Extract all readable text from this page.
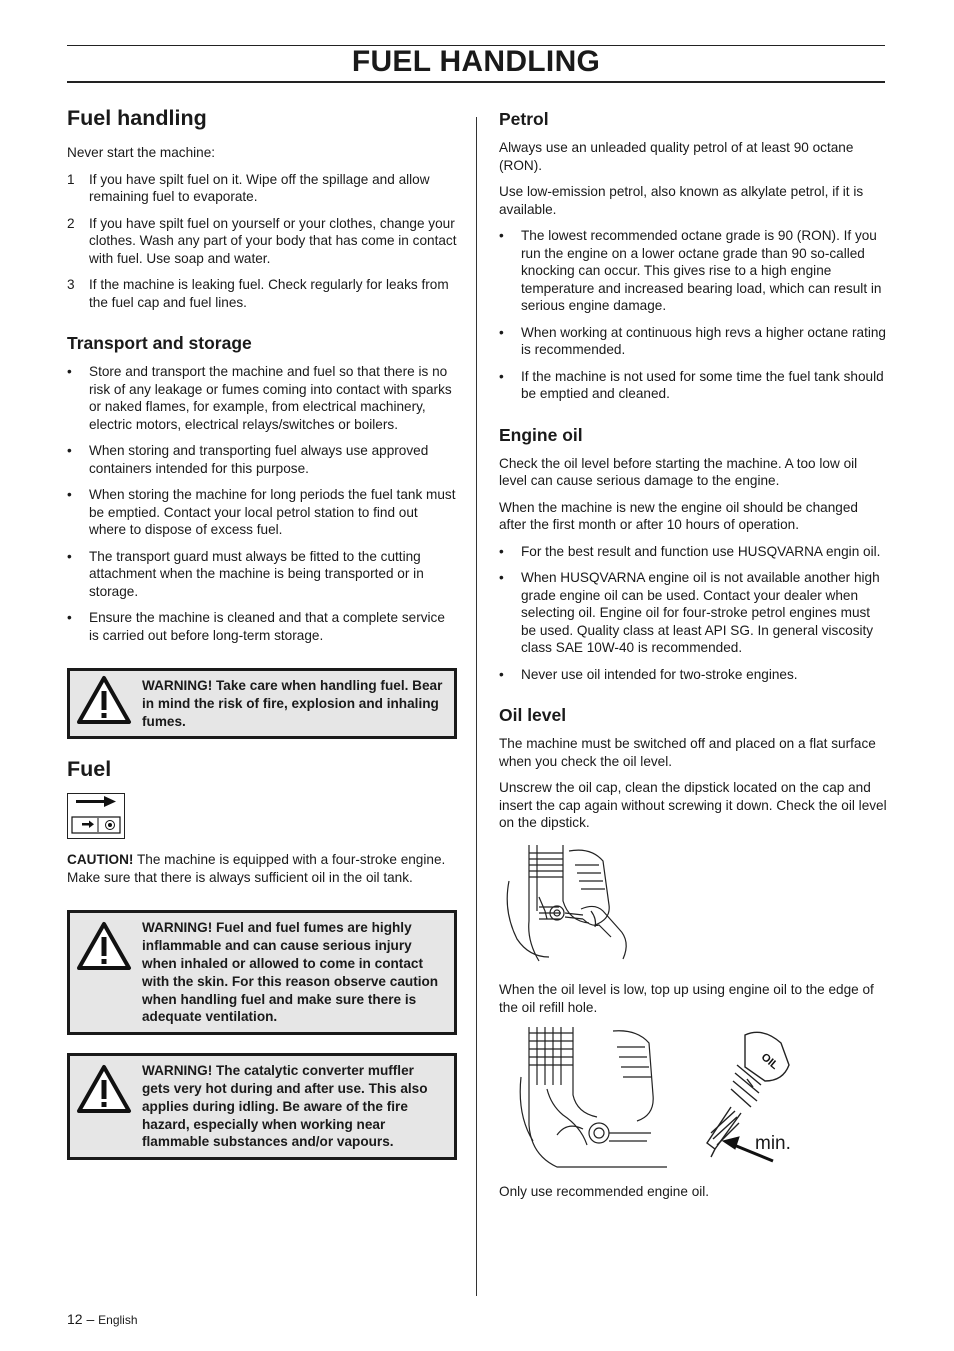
FUEL HANDLING
Fuel handling

Never start the machine:

1 If you have spilt fuel on it. Wipe off the spillage and allow remaining fuel to evaporate.
2 If you have spilt fuel on yourself or your clothes, change your clothes. Wash any part of your body that has come in contact with fuel. Use soap and water.
3 If the machine is leaking fuel. Check regularly for leaks from the fuel cap and fuel lines.
Transport and storage
• Store and transport the machine and fuel so that there is no risk of any leakage or fumes coming into contact with sparks or naked flames, for example, from electrical machinery, electric motors, electrical relays/switches or boilers.
• When storing and transporting fuel always use approved containers intended for this purpose.
• When storing the machine for long periods the fuel tank must be emptied. Contact your local petrol station to find out where to dispose of excess fuel.
• The transport guard must always be fitted to the cutting attachment when the machine is being transported or in storage.
• Ensure the machine is cleaned and that a complete service is carried out before long-term storage.
WARNING! Take care when handling fuel. Bear in mind the risk of fire, explosion and inhaling fumes.
Fuel

CAUTION! The machine is equipped with a four-stroke engine. Make sure that there is always sufficient oil in the oil tank.

WARNING! Fuel and fuel fumes are highly inflammable and can cause serious injury when inhaled or allowed to come in contact with the skin. For this reason observe caution when handling fuel and make sure there is adequate ventilation.
WARNING! The catalytic converter muffler gets very hot during and after use. This also applies during idling. Be aware of the fire hazard, especially when working near flammable substances and/or vapours.
Petrol

Always use an unleaded quality petrol of at least 90 octane (RON).

Use low-emission petrol, also known as alkylate petrol, if it is available.

• The lowest recommended octane grade is 90 (RON). If you run the engine on a lower octane grade than 90 so-called knocking can occur. This gives rise to a high engine temperature and increased bearing load, which can result in serious engine damage.
• When working at continuous high revs a higher octane rating is recommended.
• If the machine is not used for some time the fuel tank should be emptied and cleaned.
Engine oil

Check the oil level before starting the machine. A too low oil level can cause serious damage to the engine.

When the machine is new the engine oil should be changed after the first month or after 10 hours of operation.

• For the best result and function use HUSQVARNA engin oil.
• When HUSQVARNA engine oil is not available another high grade engine oil can be used. Contact your dealer when selecting oil. Engine oil for four-stroke petrol engines must be used. Quality class at least API SG. In general viscosity class SAE 10W-40 is recommended.
• Never use oil intended for two-stroke engines.
Oil level

The machine must be switched off and placed on a flat surface when you check the oil level.

Unscrew the oil cap, clean the dipstick located on the cap and insert the cap again without screwing it down. Check the oil level on the dipstick.

When the oil level is low, top up using engine oil to the edge of the oil refill hole.

OIL
min.

Only use recommended engine oil.

12 – English
